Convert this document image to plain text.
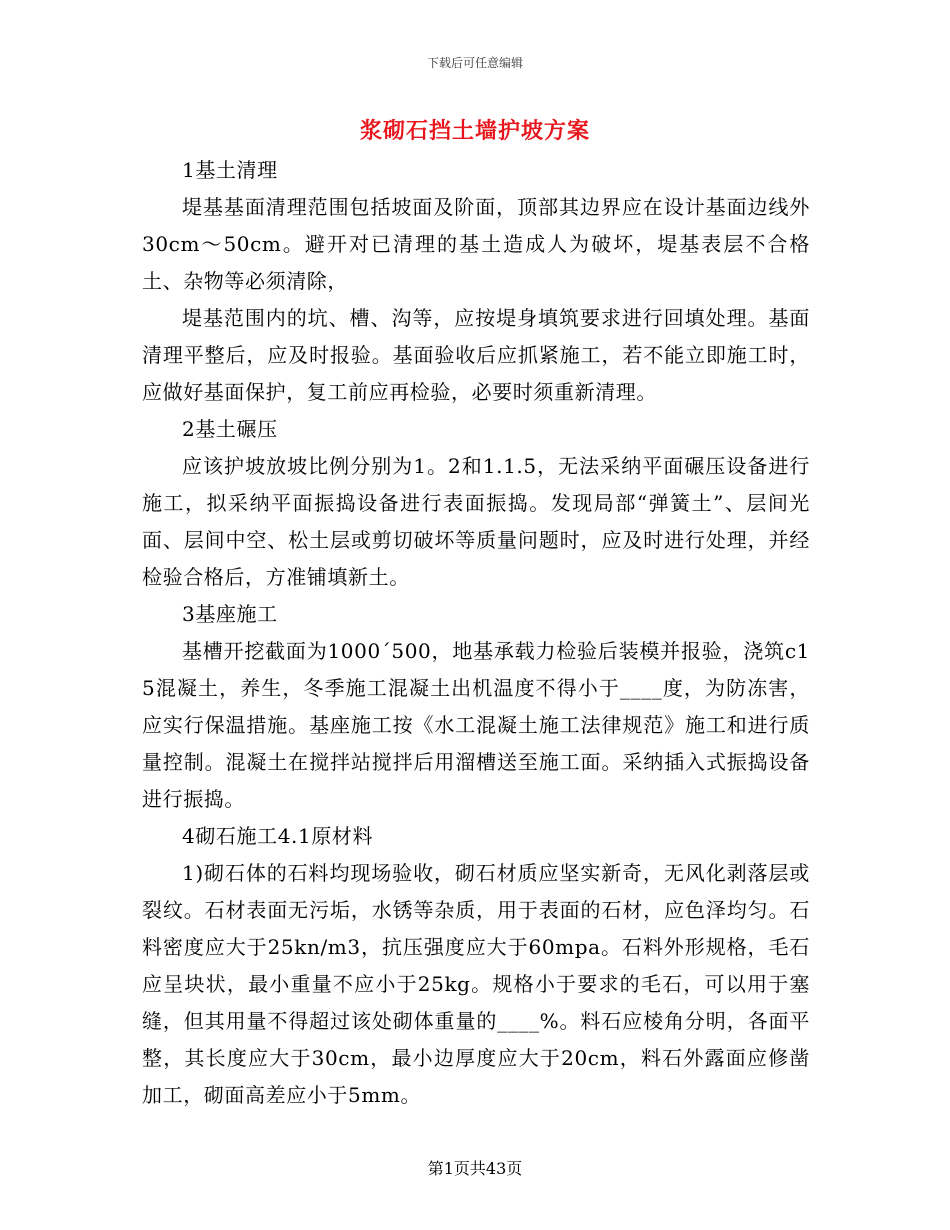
下载后可任意编辑
浆砌石挡土墙护坡方案

1基土清理

堤基基面清理范围包括坡面及阶面，顶部其边界应在设计基面边线外30cm～50cm。避开对已清理的基土造成人为破坏，堤基表层不合格土、杂物等必须清除，

堤基范围内的坑、槽、沟等，应按堤身填筑要求进行回填处理。基面清理平整后，应及时报验。基面验收后应抓紧施工，若不能立即施工时，应做好基面保护，复工前应再检验，必要时须重新清理。

2基土碾压

应该护坡放坡比例分别为1。2和1.1.5，无法采纳平面碾压设备进行施工，拟采纳平面振捣设备进行表面振捣。发现局部“弹簧土”、层间光面、层间中空、松土层或剪切破坏等质量问题时，应及时进行处理，并经检验合格后，方准铺填新土。

3基座施工

基槽开挖截面为1000´500，地基承载力检验后装模并报验，浇筑c15混凝土，养生，冬季施工混凝土出机温度不得小于____度，为防冻害，应实行保温措施。基座施工按《水工混凝土施工法律规范》施工和进行质量控制。混凝土在搅拌站搅拌后用溜槽送至施工面。采纳插入式振捣设备进行振捣。

4砌石施工4.1原材料

1)砌石体的石料均现场验收，砌石材质应坚实新奇，无风化剥落层或裂纹。石材表面无污垢，水锈等杂质，用于表面的石材，应色泽均匀。石料密度应大于25kn/m3，抗压强度应大于60mpa。石料外形规格，毛石应呈块状，最小重量不应小于25kg。规格小于要求的毛石，可以用于塞缝，但其用量不得超过该处砌体重量的____%。料石应棱角分明，各面平整，其长度应大于30cm，最小边厚度应大于20cm，料石外露面应修凿加工，砌面高差应小于5mm。

第1页共43页
